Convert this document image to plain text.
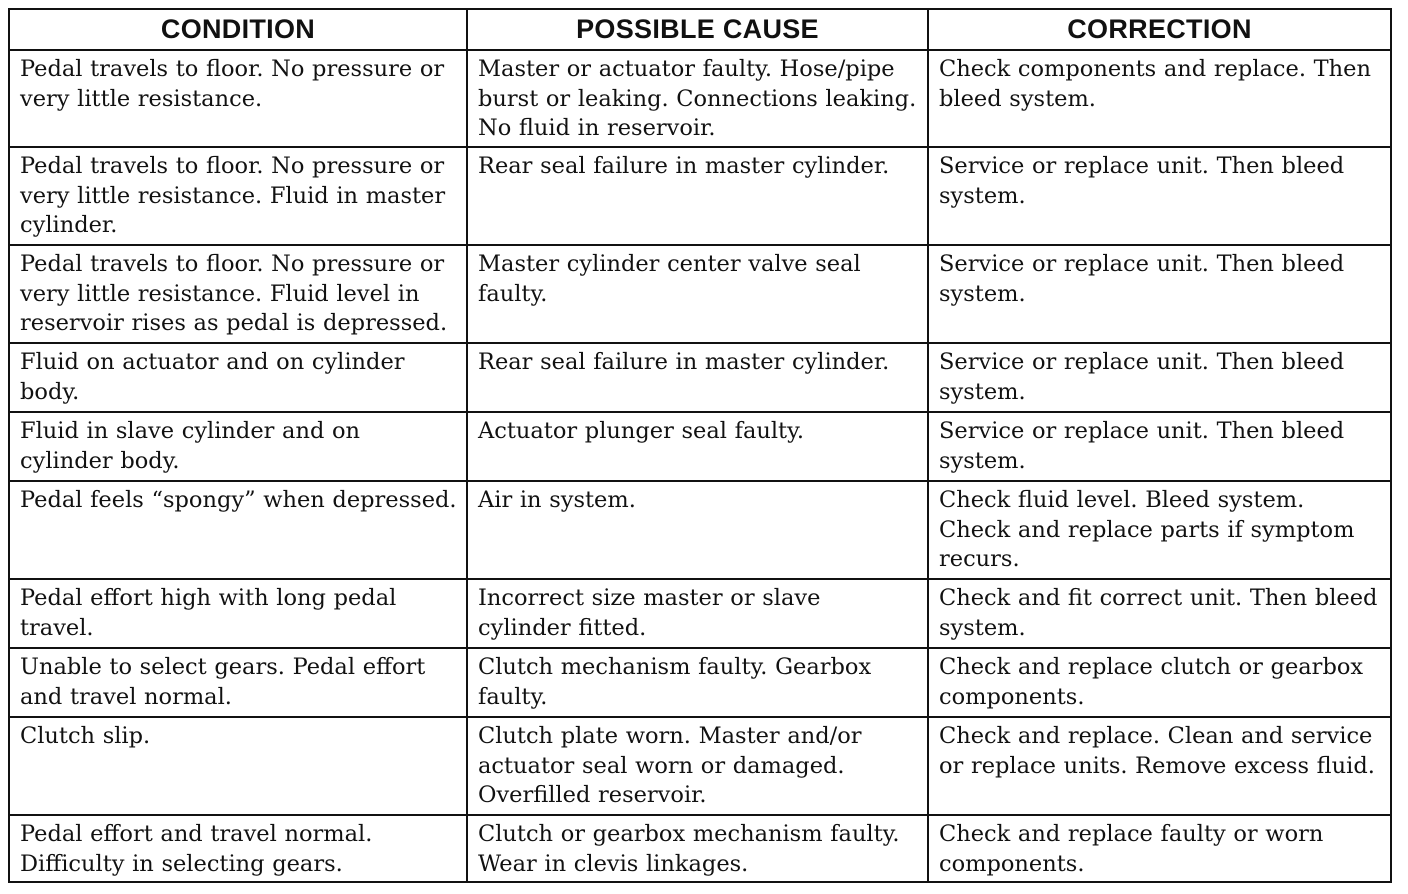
CONDITION	POSSIBLE CAUSE	CORRECTION
Pedal travels to floor. No pressure or very little resistance.	Master or actuator faulty. Hose/pipe burst or leaking. Connections leaking. No fluid in reservoir.	Check components and replace. Then bleed system.
Pedal travels to floor. No pressure or very little resistance. Fluid in master cylinder.	Rear seal failure in master cylinder.	Service or replace unit. Then bleed system.
Pedal travels to floor. No pressure or very little resistance. Fluid level in reservoir rises as pedal is depressed.	Master cylinder center valve seal faulty.	Service or replace unit. Then bleed system.
Fluid on actuator and on cylinder body.	Rear seal failure in master cylinder.	Service or replace unit. Then bleed system.
Fluid in slave cylinder and on cylinder body.	Actuator plunger seal faulty.	Service or replace unit. Then bleed system.
Pedal feels “spongy” when depressed.	Air in system.	Check fluid level. Bleed system. Check and replace parts if symptom recurs.
Pedal effort high with long pedal travel.	Incorrect size master or slave cylinder fitted.	Check and fit correct unit. Then bleed system.
Unable to select gears. Pedal effort and travel normal.	Clutch mechanism faulty. Gearbox faulty.	Check and replace clutch or gearbox components.
Clutch slip.	Clutch plate worn. Master and/or actuator seal worn or damaged. Overfilled reservoir.	Check and replace. Clean and service or replace units. Remove excess fluid.
Pedal effort and travel normal. Difficulty in selecting gears.	Clutch or gearbox mechanism faulty. Wear in clevis linkages.	Check and replace faulty or worn components.
